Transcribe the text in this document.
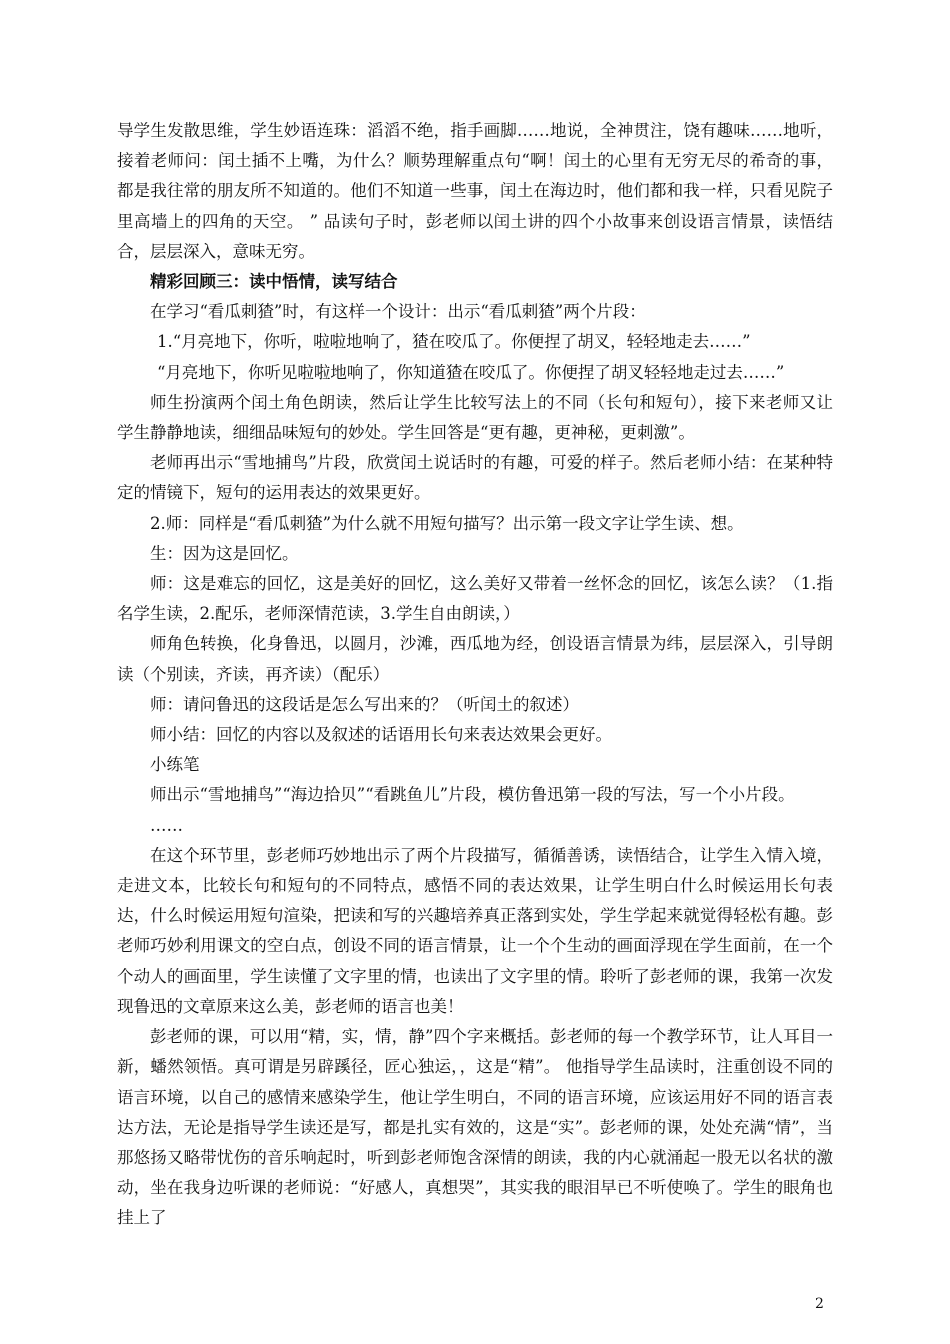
导学生发散思维，学生妙语连珠：滔滔不绝，指手画脚……地说，全神贯注，饶有趣味……地听，接着老师问：闰土插不上嘴，为什么？顺势理解重点句“啊！闰土的心里有无穷无尽的希奇的事，都是我往常的朋友所不知道的。他们不知道一些事，闰土在海边时，他们都和我一样，只看见院子里高墙上的四角的天空。 ” 品读句子时，彭老师以闰土讲的四个小故事来创设语言情景，读悟结 合，层层深入，意味无穷。

精彩回顾三：读中悟情，读写结合

在学习“看瓜刺猹”时，有这样一个设计：出示“看瓜刺猹”两个片段：

1.“月亮地下，你听，啦啦地响了，猹在咬瓜了。你便捏了胡叉，轻轻地走去……”

“月亮地下，你听见啦啦地响了，你知道猹在咬瓜了。你便捏了胡叉轻轻地走过去……”

师生扮演两个闰土角色朗读，然后让学生比较写法上的不同（长句和短句），接下来老师又让学生静静地读，细细品味短句的妙处。学生回答是“更有趣，更神秘，更刺激”。

老师再出示“雪地捕鸟”片段，欣赏闰土说话时的有趣，可爱的样子。然后老师小结：在某种特定的情镜下，短句的运用表达的效果更好。

2.师：同样是“看瓜刺猹”为什么就不用短句描写？出示第一段文字让学生读、想。

生：因为这是回忆。

师：这是难忘的回忆，这是美好的回忆，这么美好又带着一丝怀念的回忆，该怎么读？（1.指名学生读，2.配乐，老师深情范读，3.学生自由朗读，）

师角色转换，化身鲁迅，以圆月，沙滩，西瓜地为经，创设语言情景为纬，层层深入，引导朗读（个别读，齐读，再齐读）（配乐）

师：请问鲁迅的这段话是怎么写出来的？（听闰土的叙述）

师小结：回忆的内容以及叙述的话语用长句来表达效果会更好。

小练笔

师出示“雪地捕鸟”“海边拾贝”“看跳鱼儿”片段，模仿鲁迅第一段的写法，写一个小片段。

……

在这个环节里，彭老师巧妙地出示了两个片段描写，循循善诱，读悟结合，让学生入情入境，走进文本，比较长句和短句的不同特点，感悟不同的表达效果，让学生明白什么时候运用长句表达，什么时候运用短句渲染，把读和写的兴趣培养真正落到实处，学生学起来就觉得轻松有趣。彭老师巧妙利用课文的空白点，创设不同的语言情景，让一个个生动的画面浮现在学生面前，在一个个动人的画面里，学生读懂了文字里的情，也读出了文字里的情。聆听了彭老师的课，我第一次发现鲁迅的文章原来这么美，彭老师的语言也美！

彭老师的课，可以用“精，实，情，静”四个字来概括。彭老师的每一个教学环节，让人耳目一新，蟠然领悟。真可谓是另辟蹊径，匠心独运，，这是“精”。 他指导学生品读时，注重创设不同的语言环境，以自己的感情来感染学生，他让学生明白，不同的语言环境，应该运用好不同的语言表达方法，无论是指导学生读还是写，都是扎实有效的，这是“实”。彭老师的课，处处充满“情”，当那悠扬又略带忧伤的音乐响起时，听到彭老师饱含深情的朗读，我的内心就涌起一股无以名状的激动，坐在我身边听课的老师说：“好感人，真想哭”，其实我的眼泪早已不听使唤了。学生的眼角也挂上了

2
